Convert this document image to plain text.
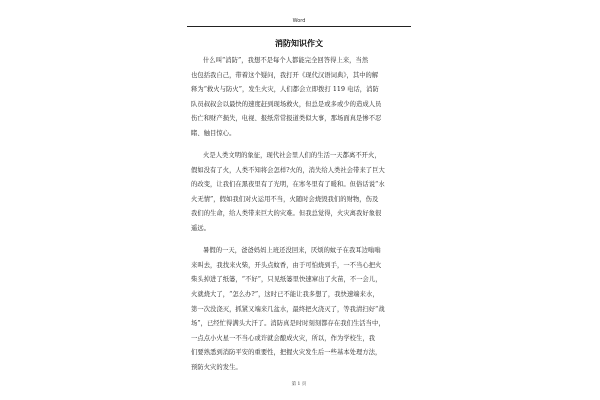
Word
消防知识作文
什么叫“消防”，我想不是每个人都能完全回答得上来，当然
也包括我自己，带着这个疑问，我打开《现代汉语词典》，其中的解
释为“救火与防火”，发生火灾，人们都会立即拨打 119 电话，消防
队员叔叔会以最快的速度赶到现场救火，但总是或多或少的造成人员
伤亡和财产损失，电视、报纸常常报道类似大事，那场面真是惨不忍
睹、触目惊心。
火是人类文明的象征，现代社会里人们的生活一天都离不开火，
假如没有了火，人类不知将会怎样?火的，消失给人类社会带来了巨大
的改变，让我们在黑夜里有了光明，在寒冬里有了暖和。但俗话说“水
火无情”，假如我们对火运用不当，火随时会烧毁我们的财物，伤及
我们的生命，给人类带来巨大的灾难。但我总觉得，火灾离我好象很
遥远。
暑假的一天，爸爸妈妈上班还没回来，厌烦的蚊子在我耳边嗡嗡
来叫去，我找来火柴，开头点蚊香，由于可怕烧到手，一不当心把火
柴头掉进了纸篓，“不好”，只见纸篓里快速窜出了火苗，不一会儿，
火就烧大了，“怎么办?”，这时已不能让我多想了，我快速端来水，
第一次没浇灭，抓紧又端来几盆水，最终把火浇灭了，等我清扫好“战
场”，已经忙得满头大汗了。消防真是时时刻刻都存在我们生活当中，
一点点小火星一不当心或许就会酿成火灾，所以，作为学校生，我
们要熟悉到消防平安的重要性，把握火灾发生后一些基本处理方法，
预防火灾的发生。
第 1 页
